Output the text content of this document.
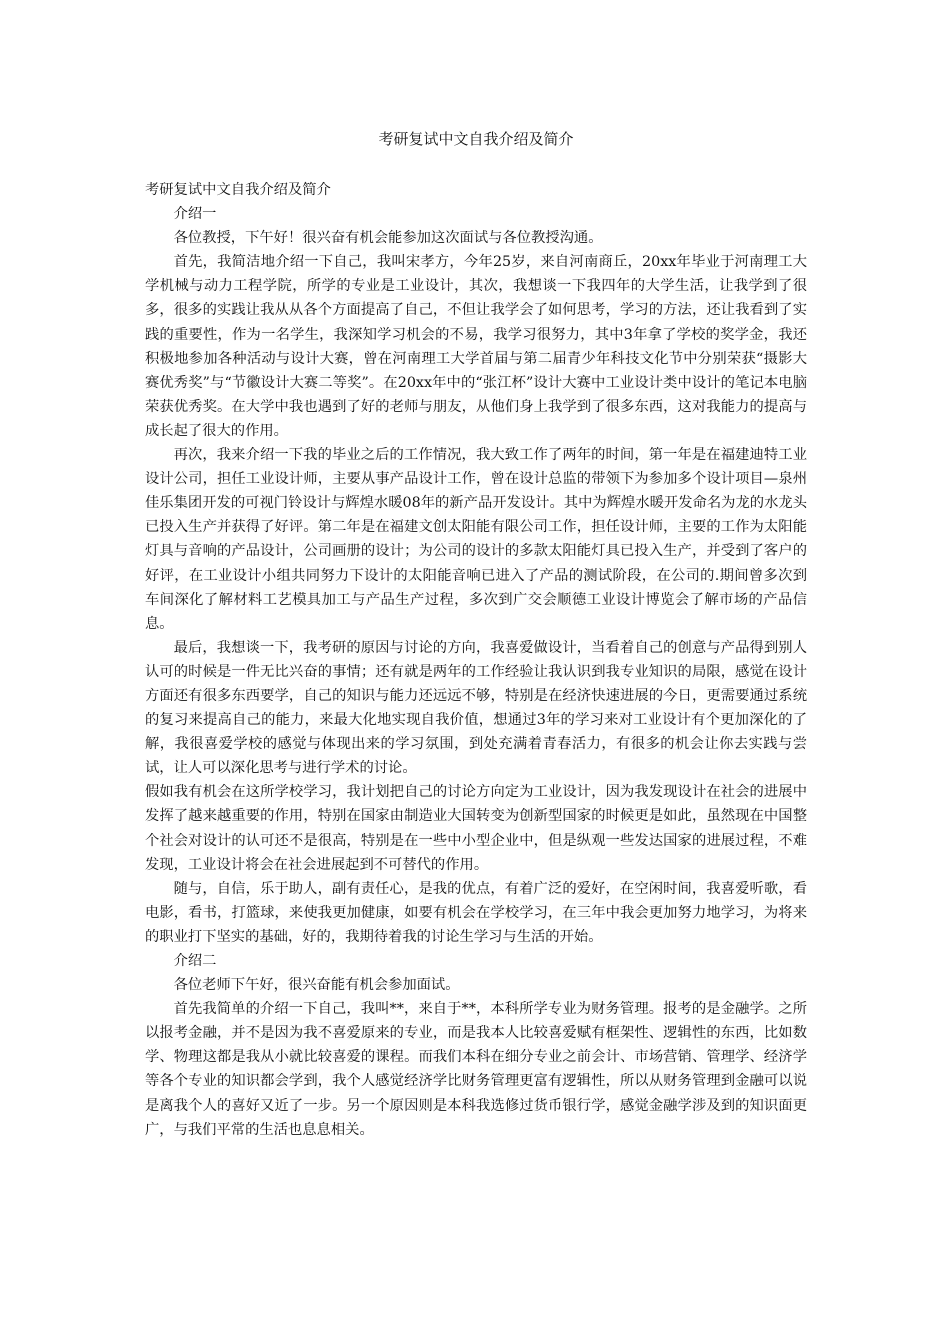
考研复试中文自我介绍及简介

考研复试中文自我介绍及简介

介绍一

各位教授，下午好！很兴奋有机会能参加这次面试与各位教授沟通。

首先，我简洁地介绍一下自己，我叫宋孝方，今年25岁，来自河南商丘，20xx年毕业于河南理工大学机械与动力工程学院，所学的专业是工业设计，其次，我想谈一下我四年的大学生活，让我学到了很多，很多的实践让我从从各个方面提高了自己，不但让我学会了如何思考，学习的方法，还让我看到了实践的重要性，作为一名学生，我深知学习机会的不易，我学习很努力，其中3年拿了学校的奖学金，我还积极地参加各种活动与设计大赛，曾在河南理工大学首届与第二届青少年科技文化节中分别荣获“摄影大赛优秀奖”与“节徽设计大赛二等奖”。在20xx年中的“张江杯”设计大赛中工业设计类中设计的笔记本电脑荣获优秀奖。在大学中我也遇到了好的老师与朋友，从他们身上我学到了很多东西，这对我能力的提高与成长起了很大的作用。

再次，我来介绍一下我的毕业之后的工作情况，我大致工作了两年的时间，第一年是在福建迪特工业设计公司，担任工业设计师，主要从事产品设计工作，曾在设计总监的带领下为参加多个设计项目—泉州佳乐集团开发的可视门铃设计与辉煌水暖08年的新产品开发设计。其中为辉煌水暖开发命名为龙的水龙头已投入生产并获得了好评。第二年是在福建文创太阳能有限公司工作，担任设计师，主要的工作为太阳能灯具与音响的产品设计，公司画册的设计；为公司的设计的多款太阳能灯具已投入生产，并受到了客户的好评，在工业设计小组共同努力下设计的太阳能音响已进入了产品的测试阶段，在公司的.期间曾多次到车间深化了解材料工艺模具加工与产品生产过程，多次到广交会顺德工业设计博览会了解市场的产品信息。

最后，我想谈一下，我考研的原因与讨论的方向，我喜爱做设计，当看着自己的创意与产品得到别人认可的时候是一件无比兴奋的事情；还有就是两年的工作经验让我认识到我专业知识的局限，感觉在设计方面还有很多东西要学，自己的知识与能力还远远不够，特别是在经济快速进展的今日，更需要通过系统的复习来提高自己的能力，来最大化地实现自我价值，想通过3年的学习来对工业设计有个更加深化的了解，我很喜爱学校的感觉与体现出来的学习氛围，到处充满着青春活力，有很多的机会让你去实践与尝试，让人可以深化思考与进行学术的讨论。

假如我有机会在这所学校学习，我计划把自己的讨论方向定为工业设计，因为我发现设计在社会的进展中发挥了越来越重要的作用，特别在国家由制造业大国转变为创新型国家的时候更是如此，虽然现在中国整个社会对设计的认可还不是很高，特别是在一些中小型企业中，但是纵观一些发达国家的进展过程，不难发现，工业设计将会在社会进展起到不可替代的作用。

随与，自信，乐于助人，副有责任心，是我的优点，有着广泛的爱好，在空闲时间，我喜爱听歌，看电影，看书，打篮球，来使我更加健康，如要有机会在学校学习，在三年中我会更加努力地学习，为将来的职业打下坚实的基础，好的，我期待着我的讨论生学习与生活的开始。

介绍二

各位老师下午好，很兴奋能有机会参加面试。

首先我简单的介绍一下自己，我叫**，来自于**，本科所学专业为财务管理。报考的是金融学。之所以报考金融，并不是因为我不喜爱原来的专业，而是我本人比较喜爱赋有框架性、逻辑性的东西，比如数学、物理这都是我从小就比较喜爱的课程。而我们本科在细分专业之前会计、市场营销、管理学、经济学等各个专业的知识都会学到，我个人感觉经济学比财务管理更富有逻辑性，所以从财务管理到金融可以说是离我个人的喜好又近了一步。另一个原因则是本科我选修过货币银行学，感觉金融学涉及到的知识面更广，与我们平常的生活也息息相关。
